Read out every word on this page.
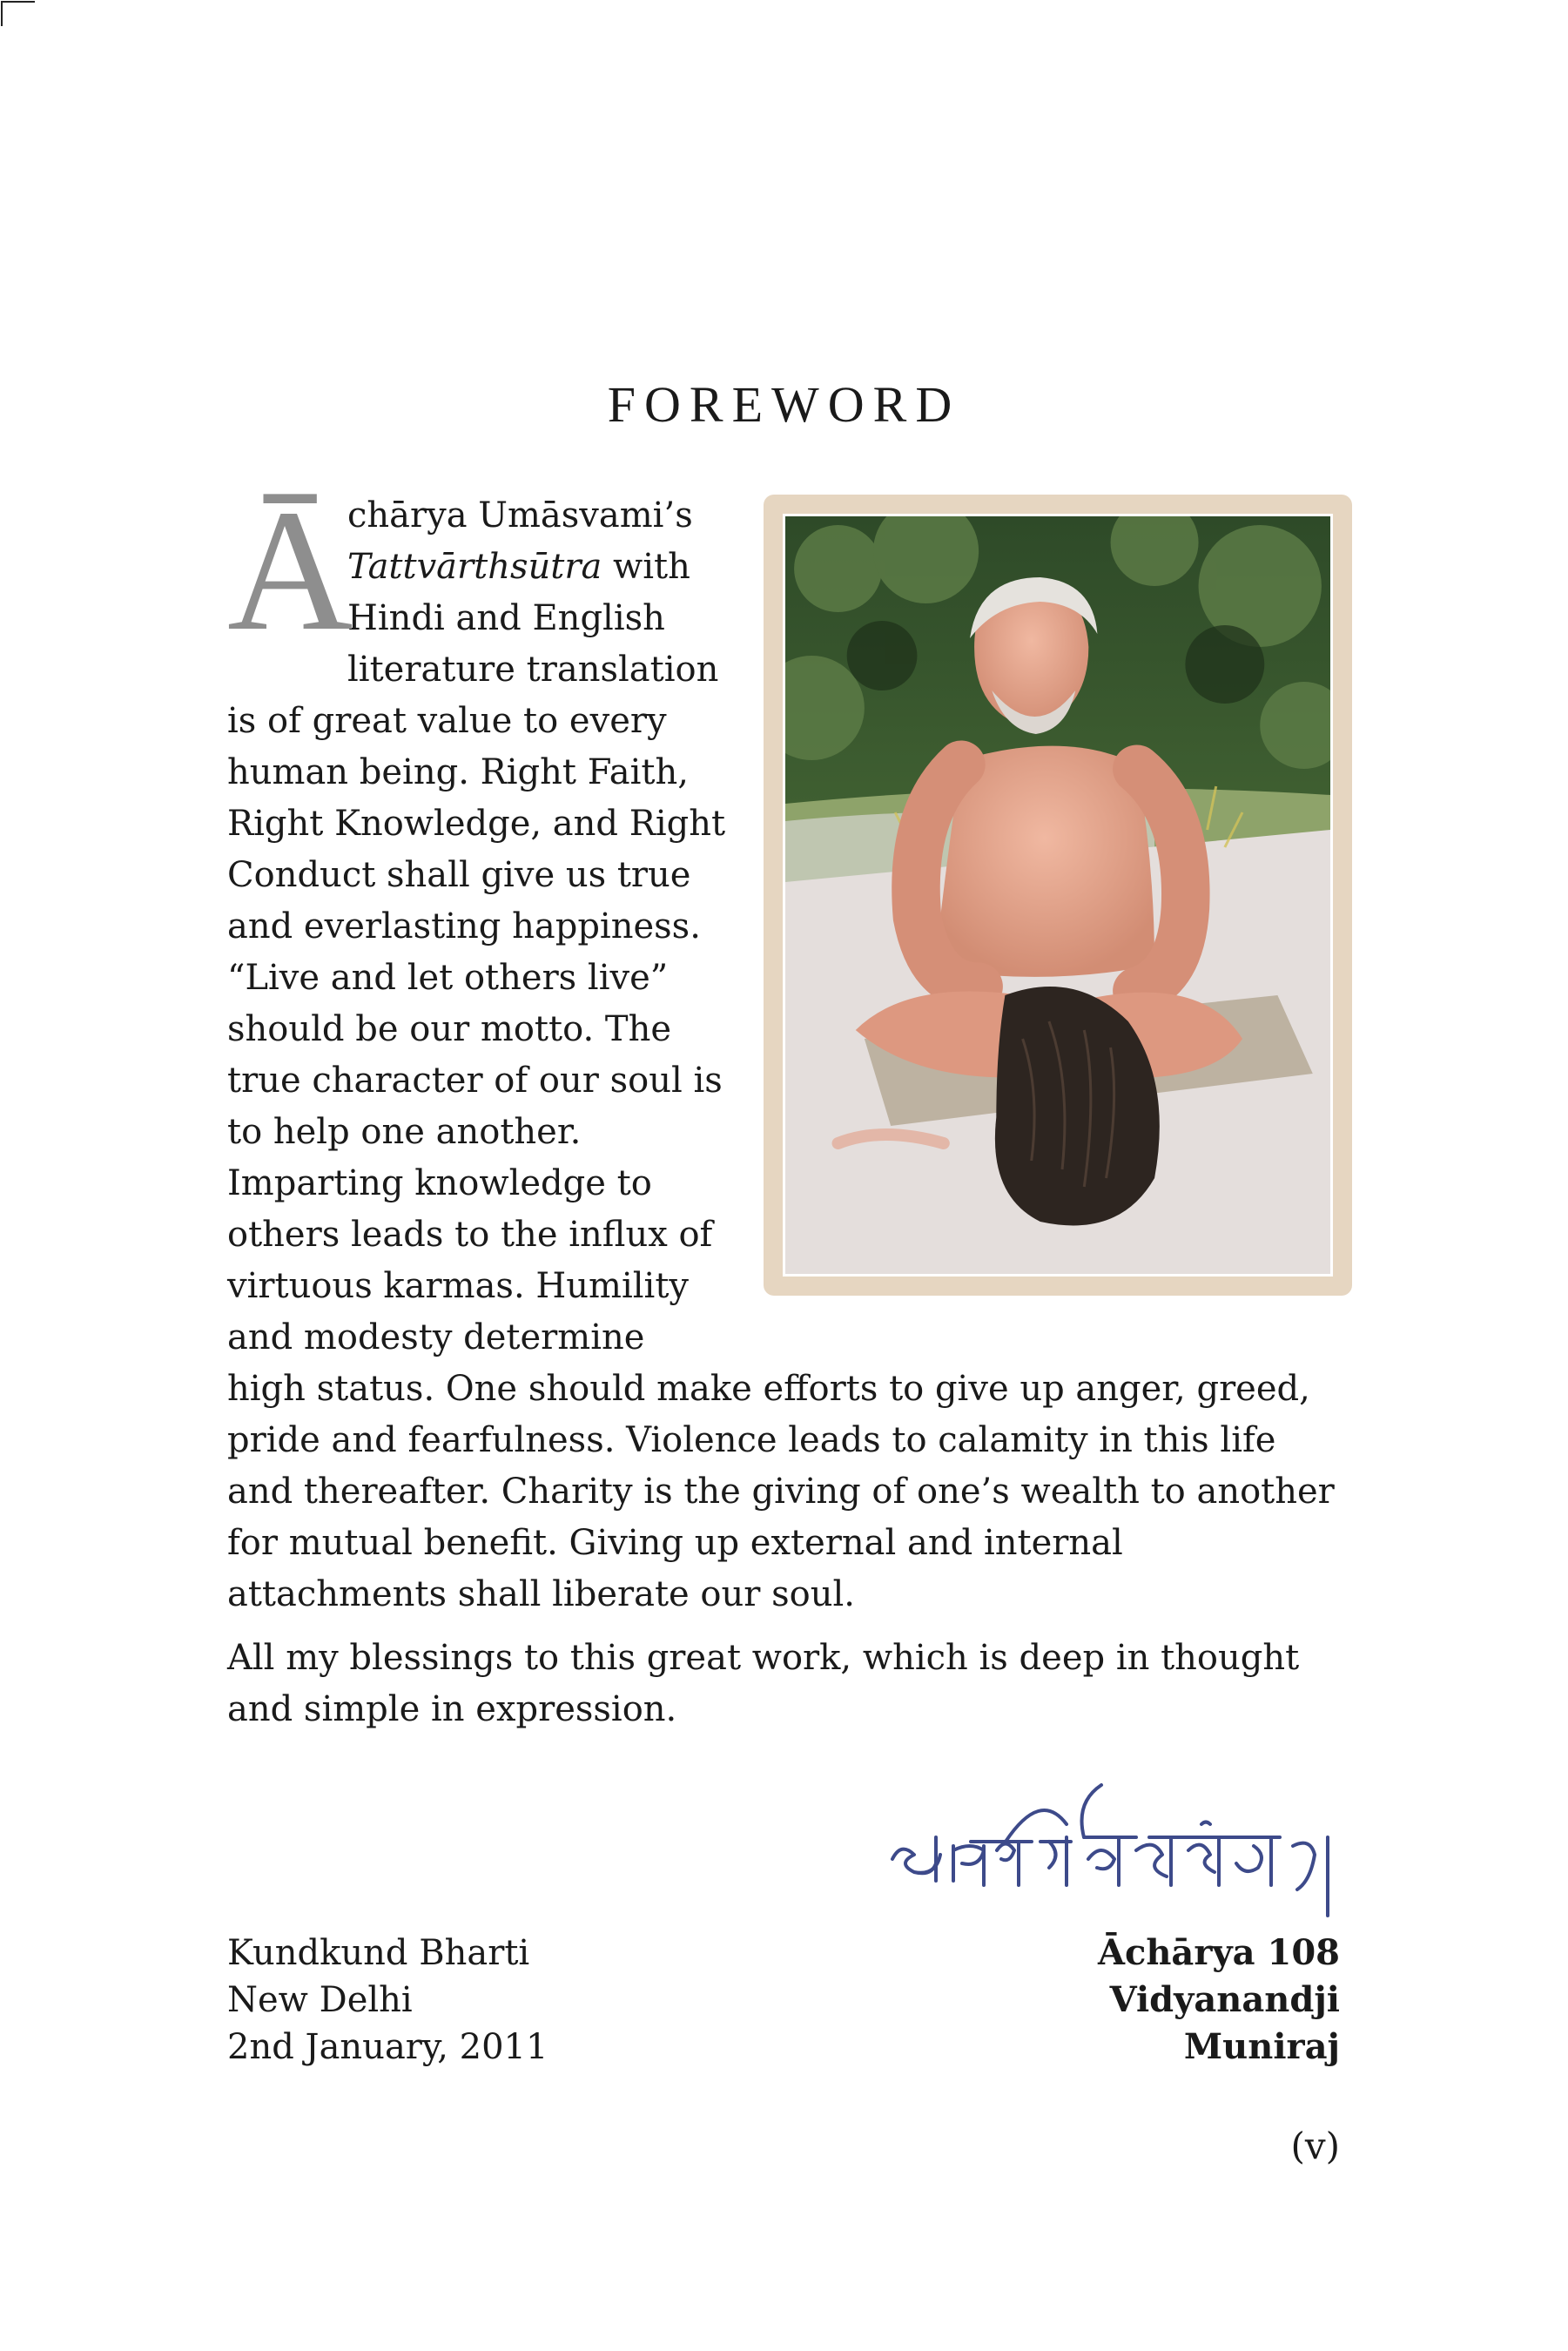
FOREWORD
Ā

chārya Umāsvami’s Tattvārthsūtra with Hindi and English literature translation is of great value to every human being. Right Faith, Right Knowledge, and Right Conduct shall give us true and everlasting happiness. “Live and let others live” should be our motto. The true character of our soul is to help one another. Imparting knowledge to others leads to the influx of virtuous karmas. Humility and modesty determine high status. One should make efforts to give up anger, greed, pride and fearfulness. Violence leads to calamity in this life and thereafter. Charity is the giving of one’s wealth to another for mutual benefit. Giving up external and internal attachments shall liberate our soul.

All my blessings to this great work, which is deep in thought and simple in expression.

Kundkund Bharti
New Delhi
2nd January, 2011
Āchārya 108
Vidyanandji
Muniraj
(v)
